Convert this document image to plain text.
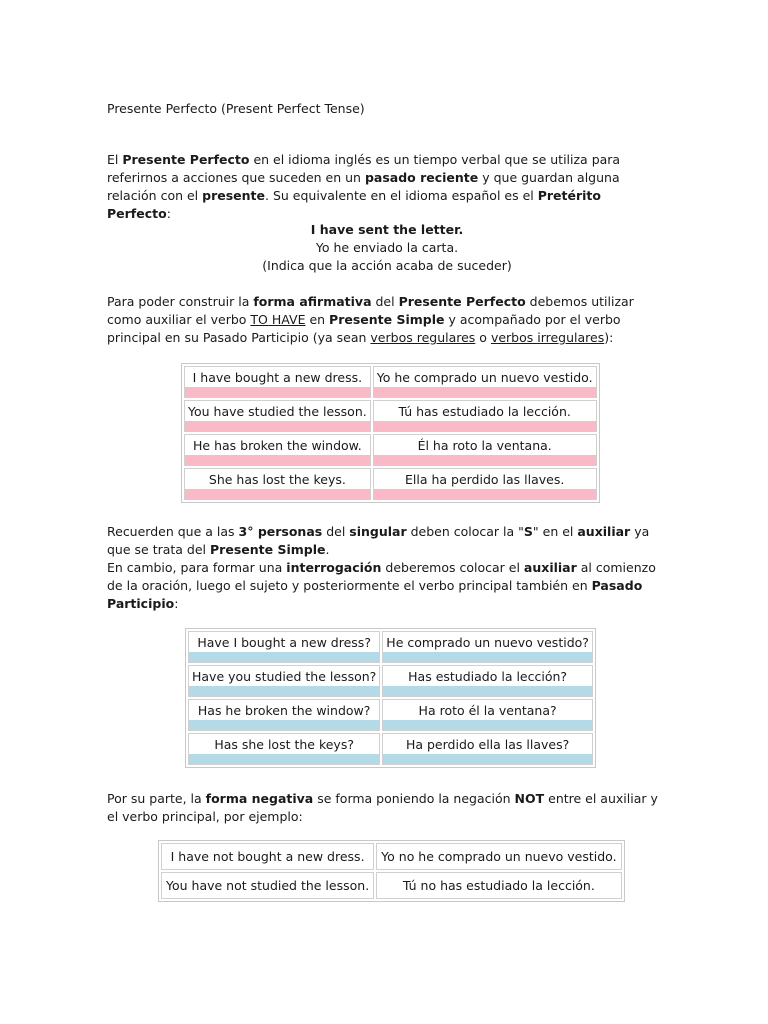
Presente Perfecto (Present Perfect Tense)

El Presente Perfecto en el idioma inglés es un tiempo verbal que se utiliza para referirnos a acciones que suceden en un pasado reciente y que guardan alguna relación con el presente. Su equivalente en el idioma español es el Pretérito Perfecto:

I have sent the letter.

Yo he enviado la carta.

(Indica que la acción acaba de suceder)

Para poder construir la forma afirmativa del Presente Perfecto debemos utilizar como auxiliar el verbo TO HAVE en Presente Simple y acompañado por el verbo principal en su Pasado Participio (ya sean verbos regulares o verbos irregulares):

I have bought a new dress.	Yo he comprado un nuevo vestido.

You have studied the lesson.	Tú has estudiado la lección.

He has broken the window.	Él ha roto la ventana.

She has lost the keys.	Ella ha perdido las llaves.

Recuerden que a las 3° personas del singular deben colocar la "S" en el auxiliar ya que se trata del Presente Simple.
En cambio, para formar una interrogación deberemos colocar el auxiliar al comienzo de la oración, luego el sujeto y posteriormente el verbo principal también en Pasado Participio:

Have I bought a new dress?	He comprado un nuevo vestido?

Have you studied the lesson?	Has estudiado la lección?

Has he broken the window?	Ha roto él la ventana?

Has she lost the keys?	Ha perdido ella las llaves?

Por su parte, la forma negativa se forma poniendo la negación NOT entre el auxiliar y el verbo principal, por ejemplo:

I have not bought a new dress.	Yo no he comprado un nuevo vestido.

You have not studied the lesson.	Tú no has estudiado la lección.
